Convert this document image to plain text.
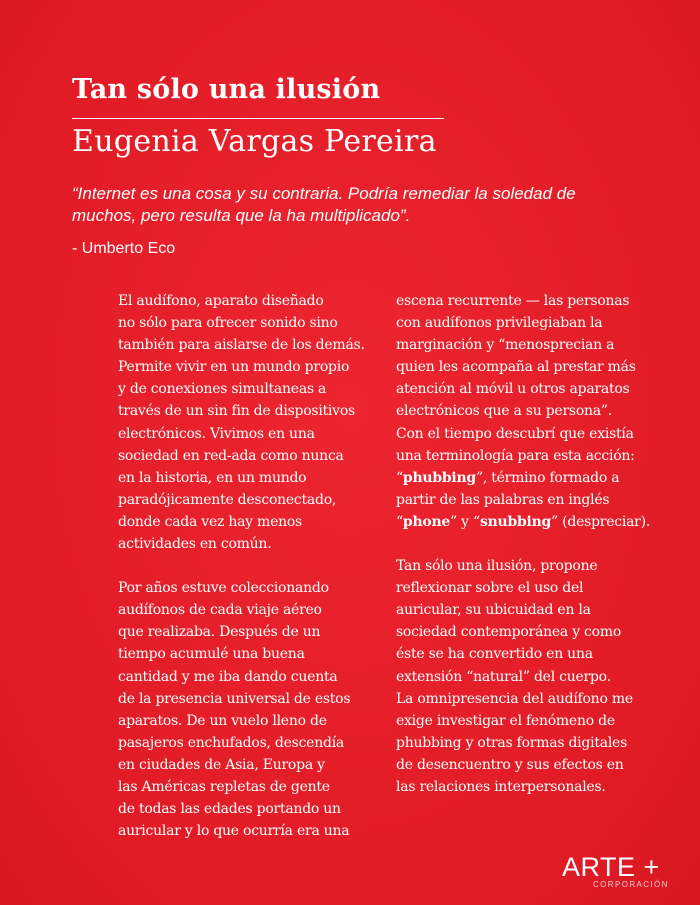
Tan sólo una ilusión
Eugenia Vargas Pereira

“Internet es una cosa y su contraria. Podría remediar la soledad de
muchos, pero resulta que la ha multiplicado”.

- Umberto Eco

El audífono, aparato diseñado
no sólo para ofrecer sonido sino
también para aislarse de los demás.
Permite vivir en un mundo propio
y de conexiones simultaneas a
través de un sin fin de dispositivos
electrónicos. Vivimos en una
sociedad en red-ada como nunca
en la historia, en un mundo
paradójicamente desconectado,
donde cada vez hay menos
actividades en común.
Por años estuve coleccionando
audífonos de cada viaje aéreo
que realizaba. Después de un
tiempo acumulé una buena
cantidad y me iba dando cuenta
de la presencia universal de estos
aparatos. De un vuelo lleno de
pasajeros enchufados, descendía
en ciudades de Asia, Europa y
las Américas repletas de gente
de todas las edades portando un
auricular y lo que ocurría era una
escena recurrente — las personas
con audífonos privilegiaban la
marginación y “menosprecian a
quien les acompaña al prestar más
atención al móvil u otros aparatos
electrónicos que a su persona”.
Con el tiempo descubrí que existía
una terminología para esta acción:
“phubbing”, término formado a
partir de las palabras en inglés
“phone” y “snubbing” (despreciar).
Tan sólo una ilusión, propone
reflexionar sobre el uso del
auricular, su ubicuidad en la
sociedad contemporánea y como
éste se ha convertido en una
extensión “natural” del cuerpo.
La omnipresencia del audífono me
exige investigar el fenómeno de
phubbing y otras formas digitales
de desencuentro y sus efectos en
las relaciones interpersonales.
ARTE +
CORPORACIÓN
